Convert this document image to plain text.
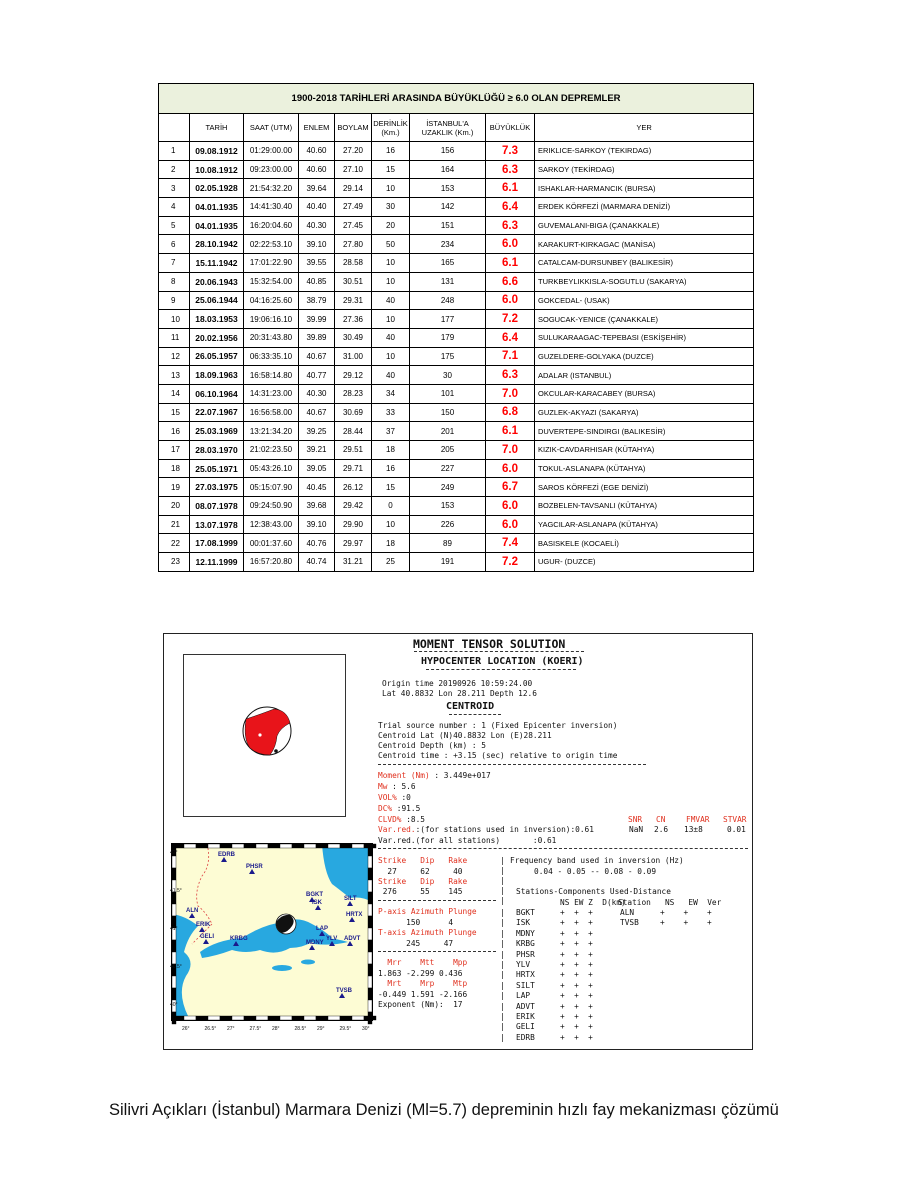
1900-2018 TARİHLERİ ARASINDA BÜYÜKLÜĞÜ ≥ 6.0 OLAN DEPREMLER								
	TARİH	SAAT (UTM)	ENLEM	BOYLAM	DERİNLİK (Km.)	İSTANBUL'A UZAKLIK (Km.)	BÜYÜKLÜK	YER
1	09.08.1912	01:29:00.00	40.60	27.20	16	156	7.3	ERIKLICE-SARKOY (TEKIRDAG)
2	10.08.1912	09:23:00.00	40.60	27.10	15	164	6.3	SARKOY (TEKİRDAG)
3	02.05.1928	21:54:32.20	39.64	29.14	10	153	6.1	ISHAKLAR-HARMANCIK (BURSA)
4	04.01.1935	14:41:30.40	40.40	27.49	30	142	6.4	ERDEK KÖRFEZİ (MARMARA DENİZİ)
5	04.01.1935	16:20:04.60	40.30	27.45	20	151	6.3	GUVEMALANI-BIGA (ÇANAKKALE)
6	28.10.1942	02:22:53.10	39.10	27.80	50	234	6.0	KARAKURT-KIRKAGAC (MANİSA)
7	15.11.1942	17:01:22.90	39.55	28.58	10	165	6.1	CATALCAM-DURSUNBEY (BALIKESİR)
8	20.06.1943	15:32:54.00	40.85	30.51	10	131	6.6	TURKBEYLIKKISLA-SOGUTLU (SAKARYA)
9	25.06.1944	04:16:25.60	38.79	29.31	40	248	6.0	GOKCEDAL- (USAK)
10	18.03.1953	19:06:16.10	39.99	27.36	10	177	7.2	SOGUCAK-YENICE (ÇANAKKALE)
11	20.02.1956	20:31:43.80	39.89	30.49	40	179	6.4	SULUKARAAGAC-TEPEBASI (ESKİŞEHİR)
12	26.05.1957	06:33:35.10	40.67	31.00	10	175	7.1	GUZELDERE-GOLYAKA (DUZCE)
13	18.09.1963	16:58:14.80	40.77	29.12	40	30	6.3	ADALAR (ISTANBUL)
14	06.10.1964	14:31:23.00	40.30	28.23	34	101	7.0	OKCULAR-KARACABEY (BURSA)
15	22.07.1967	16:56:58.00	40.67	30.69	33	150	6.8	GUZLEK-AKYAZI (SAKARYA)
16	25.03.1969	13:21:34.20	39.25	28.44	37	201	6.1	DUVERTEPE-SINDIRGI (BALIKESİR)
17	28.03.1970	21:02:23.50	39.21	29.51	18	205	7.0	KIZIK-CAVDARHISAR (KÜTAHYA)
18	25.05.1971	05:43:26.10	39.05	29.71	16	227	6.0	TOKUL-ASLANAPA (KÜTAHYA)
19	27.03.1975	05:15:07.90	40.45	26.12	15	249	6.7	SAROS KÖRFEZİ (EGE DENİZİ)
20	08.07.1978	09:24:50.90	39.68	29.42	0	153	6.0	BOZBELEN-TAVSANLI (KÜTAHYA)
21	13.07.1978	12:38:43.00	39.10	29.90	10	226	6.0	YAGCILAR-ASLANAPA (KÜTAHYA)
22	17.08.1999	00:01:37.60	40.76	29.97	18	89	7.4	BASISKELE (KOCAELİ)
23	12.11.1999	16:57:20.80	40.74	31.21	25	191	7.2	UGUR- (DUZCE)
EDRB
PHSR
BGKT
ISK
SILT
HRTX
ALN
ERIK
GELI
LAP
KRBG
MDNY
YLV ADVT
TVSB
26°	26.5° 27°	27.5° 28°	28.5° 29°	29.5° 30°
42°
41.5°
41°
40.5°
40°
MOMENT TENSOR SOLUTION
HYPOCENTER LOCATION (KOERI)
Origin time 20190926 10:59:24.00
Lat 40.8832 Lon 28.211 Depth 12.6
CENTROID
Trial source number : 1 (Fixed Epicenter inversion)
Centroid Lat (N)40.8832 Lon (E)28.211
Centroid Depth (km) : 5
Centroid time : +3.15 (sec) relative to origin time
Moment (Nm) : 3.449e+017
Mw : 5.6
VOL% :0
DC% :91.5
CLVD% :8.5
Var.red.:(for stations used in inversion):0.61
Var.red.(for all stations)       :0.61
SNR CN	FMVAR STVAR
NaN 2.6 13±8	0.01
Strike   Dip   Rake
27     62     40
Strike   Dip   Rake
276     55    145
P-axis Azimuth Plunge
150      4
T-axis Azimuth Plunge
245     47
Mrr    Mtt    Mpp
1.863 -2.299 0.436
Mrt    Mrp    Mtp
-0.449 1.591 -2.166
Exponent (Nm):  17
|
|
|
|
|
Frequency band used in inversion (Hz)
0.04 - 0.05 -- 0.08 - 0.09
Stations-Components Used-Distance
NS EW Z  D(km)
Station   NS   EW  Ver
| BGKT	+  +  +
| ISK	+  +  +
| MDNY	+  +  +
| KRBG	+  +  +
| PHSR	+  +  +
| YLV	+  +  +
| HRTX	+  +  +
| SILT	+  +  +
| LAP	+  +  +
| ADVT	+  +  +
| ERIK	+  +  +
| GELI	+  +  +
| EDRB	+  +  +
ALN	+    +    +
TVSB	+    +    +
Silivri Açıkları (İstanbul) Marmara Denizi (Ml=5.7) depreminin hızlı fay mekanizması çözümü
